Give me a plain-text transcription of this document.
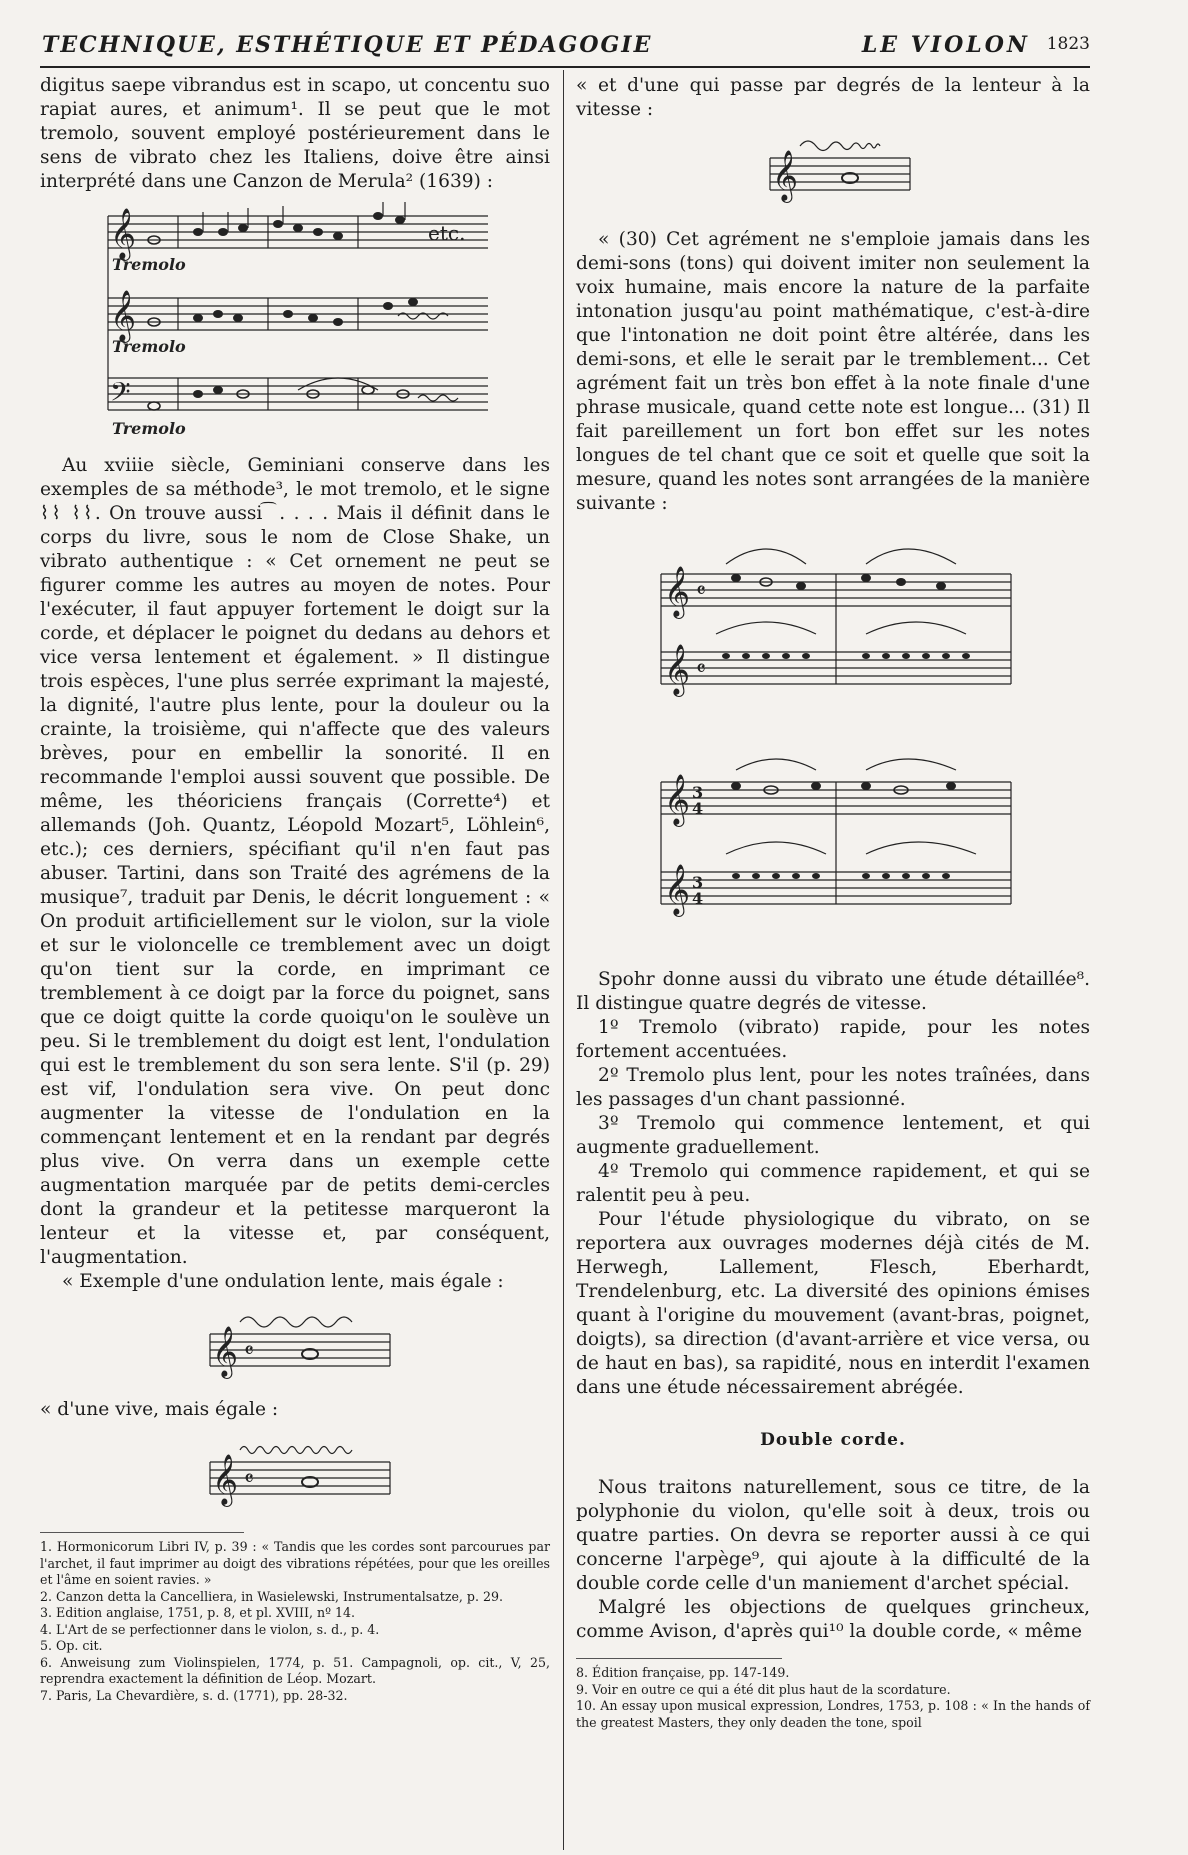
TECHNIQUE, ESTHÉTIQUE ET PÉDAGOGIE	LE VIOLON 1823

digitus saepe vibrandus est in scapo, ut concentu suo rapiat aures, et animum¹. Il se peut que le mot tremolo, souvent employé postérieurement dans le sens de vibrato chez les Italiens, doive être ainsi interprété dans une Canzon de Merula² (1639) :

𝄞
𝄞
𝄢
etc.
Tremolo
Tremolo
Tremolo

Au xviiie siècle, Geminiani conserve dans les exemples de sa méthode³, le mot tremolo, et le signe ⌇⌇ ⌇⌇. On trouve aussi ͡ . . . . Mais il définit dans le corps du livre, sous le nom de Close Shake, un vibrato authentique : « Cet ornement ne peut se figurer comme les autres au moyen de notes. Pour l'exécuter, il faut appuyer fortement le doigt sur la corde, et déplacer le poignet du dedans au dehors et vice versa lentement et également. » Il distingue trois espèces, l'une plus serrée exprimant la majesté, la dignité, l'autre plus lente, pour la douleur ou la crainte, la troisième, qui n'affecte que des valeurs brèves, pour en embellir la sonorité. Il en recommande l'emploi aussi souvent que possible. De même, les théoriciens français (Corrette⁴) et allemands (Joh. Quantz, Léopold Mozart⁵, Löhlein⁶, etc.); ces derniers, spécifiant qu'il n'en faut pas abuser. Tartini, dans son Traité des agrémens de la musique⁷, traduit par Denis, le décrit longuement : « On produit artificiellement sur le violon, sur la viole et sur le violoncelle ce tremblement avec un doigt qu'on tient sur la corde, en imprimant ce tremblement à ce doigt par la force du poignet, sans que ce doigt quitte la corde quoiqu'on le soulève un peu. Si le tremblement du doigt est lent, l'ondulation qui est le tremblement du son sera lente. S'il (p. 29) est vif, l'ondulation sera vive. On peut donc augmenter la vitesse de l'ondulation en la commençant lentement et en la rendant par degrés plus vive. On verra dans un exemple cette augmentation marquée par de petits demi-cercles dont la grandeur et la petitesse marqueront la lenteur et la vitesse et, par conséquent, l'augmentation.

« Exemple d'une ondulation lente, mais égale :

𝄞 𝄴

« d'une vive, mais égale :

𝄞 𝄴

1. Hormonicorum Libri IV, p. 39 : « Tandis que les cordes sont parcourues par l'archet, il faut imprimer au doigt des vibrations répétées, pour que les oreilles et l'âme en soient ravies. »

2. Canzon detta la Cancelliera, in Wasielewski, Instrumentalsatze, p. 29.

3. Edition anglaise, 1751, p. 8, et pl. XVIII, nº 14.

4. L'Art de se perfectionner dans le violon, s. d., p. 4.

5. Op. cit.

6. Anweisung zum Violinspielen, 1774, p. 51. Campagnoli, op. cit., V, 25, reprendra exactement la définition de Léop. Mozart.

7. Paris, La Chevardière, s. d. (1771), pp. 28-32.

« et d'une qui passe par degrés de la lenteur à la vitesse :

𝄞

« (30) Cet agrément ne s'emploie jamais dans les demi-sons (tons) qui doivent imiter non seulement la voix humaine, mais encore la nature de la parfaite intonation jusqu'au point mathématique, c'est-à-dire que l'intonation ne doit point être altérée, dans les demi-sons, et elle le serait par le tremblement... Cet agrément fait un très bon effet à la note finale d'une phrase musicale, quand cette note est longue... (31) Il fait pareillement un fort bon effet sur les notes longues de tel chant que ce soit et quelle que soit la mesure, quand les notes sont arrangées de la manière suivante :

𝄞
𝄞
𝄴
𝄴
𝄞
𝄞
3
4
3
4

Spohr donne aussi du vibrato une étude détaillée⁸. Il distingue quatre degrés de vitesse.

1º Tremolo (vibrato) rapide, pour les notes fortement accentuées.

2º Tremolo plus lent, pour les notes traînées, dans les passages d'un chant passionné.

3º Tremolo qui commence lentement, et qui augmente graduellement.

4º Tremolo qui commence rapidement, et qui se ralentit peu à peu.

Pour l'étude physiologique du vibrato, on se reportera aux ouvrages modernes déjà cités de M. Herwegh, Lallement, Flesch, Eberhardt, Trendelenburg, etc. La diversité des opinions émises quant à l'origine du mouvement (avant-bras, poignet, doigts), sa direction (d'avant-arrière et vice versa, ou de haut en bas), sa rapidité, nous en interdit l'examen dans une étude nécessairement abrégée.

Double corde.

Nous traitons naturellement, sous ce titre, de la polyphonie du violon, qu'elle soit à deux, trois ou quatre parties. On devra se reporter aussi à ce qui concerne l'arpège⁹, qui ajoute à la difficulté de la double corde celle d'un maniement d'archet spécial.

Malgré les objections de quelques grincheux, comme Avison, d'après qui¹⁰ la double corde, « même

8. Édition française, pp. 147-149.

9. Voir en outre ce qui a été dit plus haut de la scordature.

10. An essay upon musical expression, Londres, 1753, p. 108 : « In the hands of the greatest Masters, they only deaden the tone, spoil
